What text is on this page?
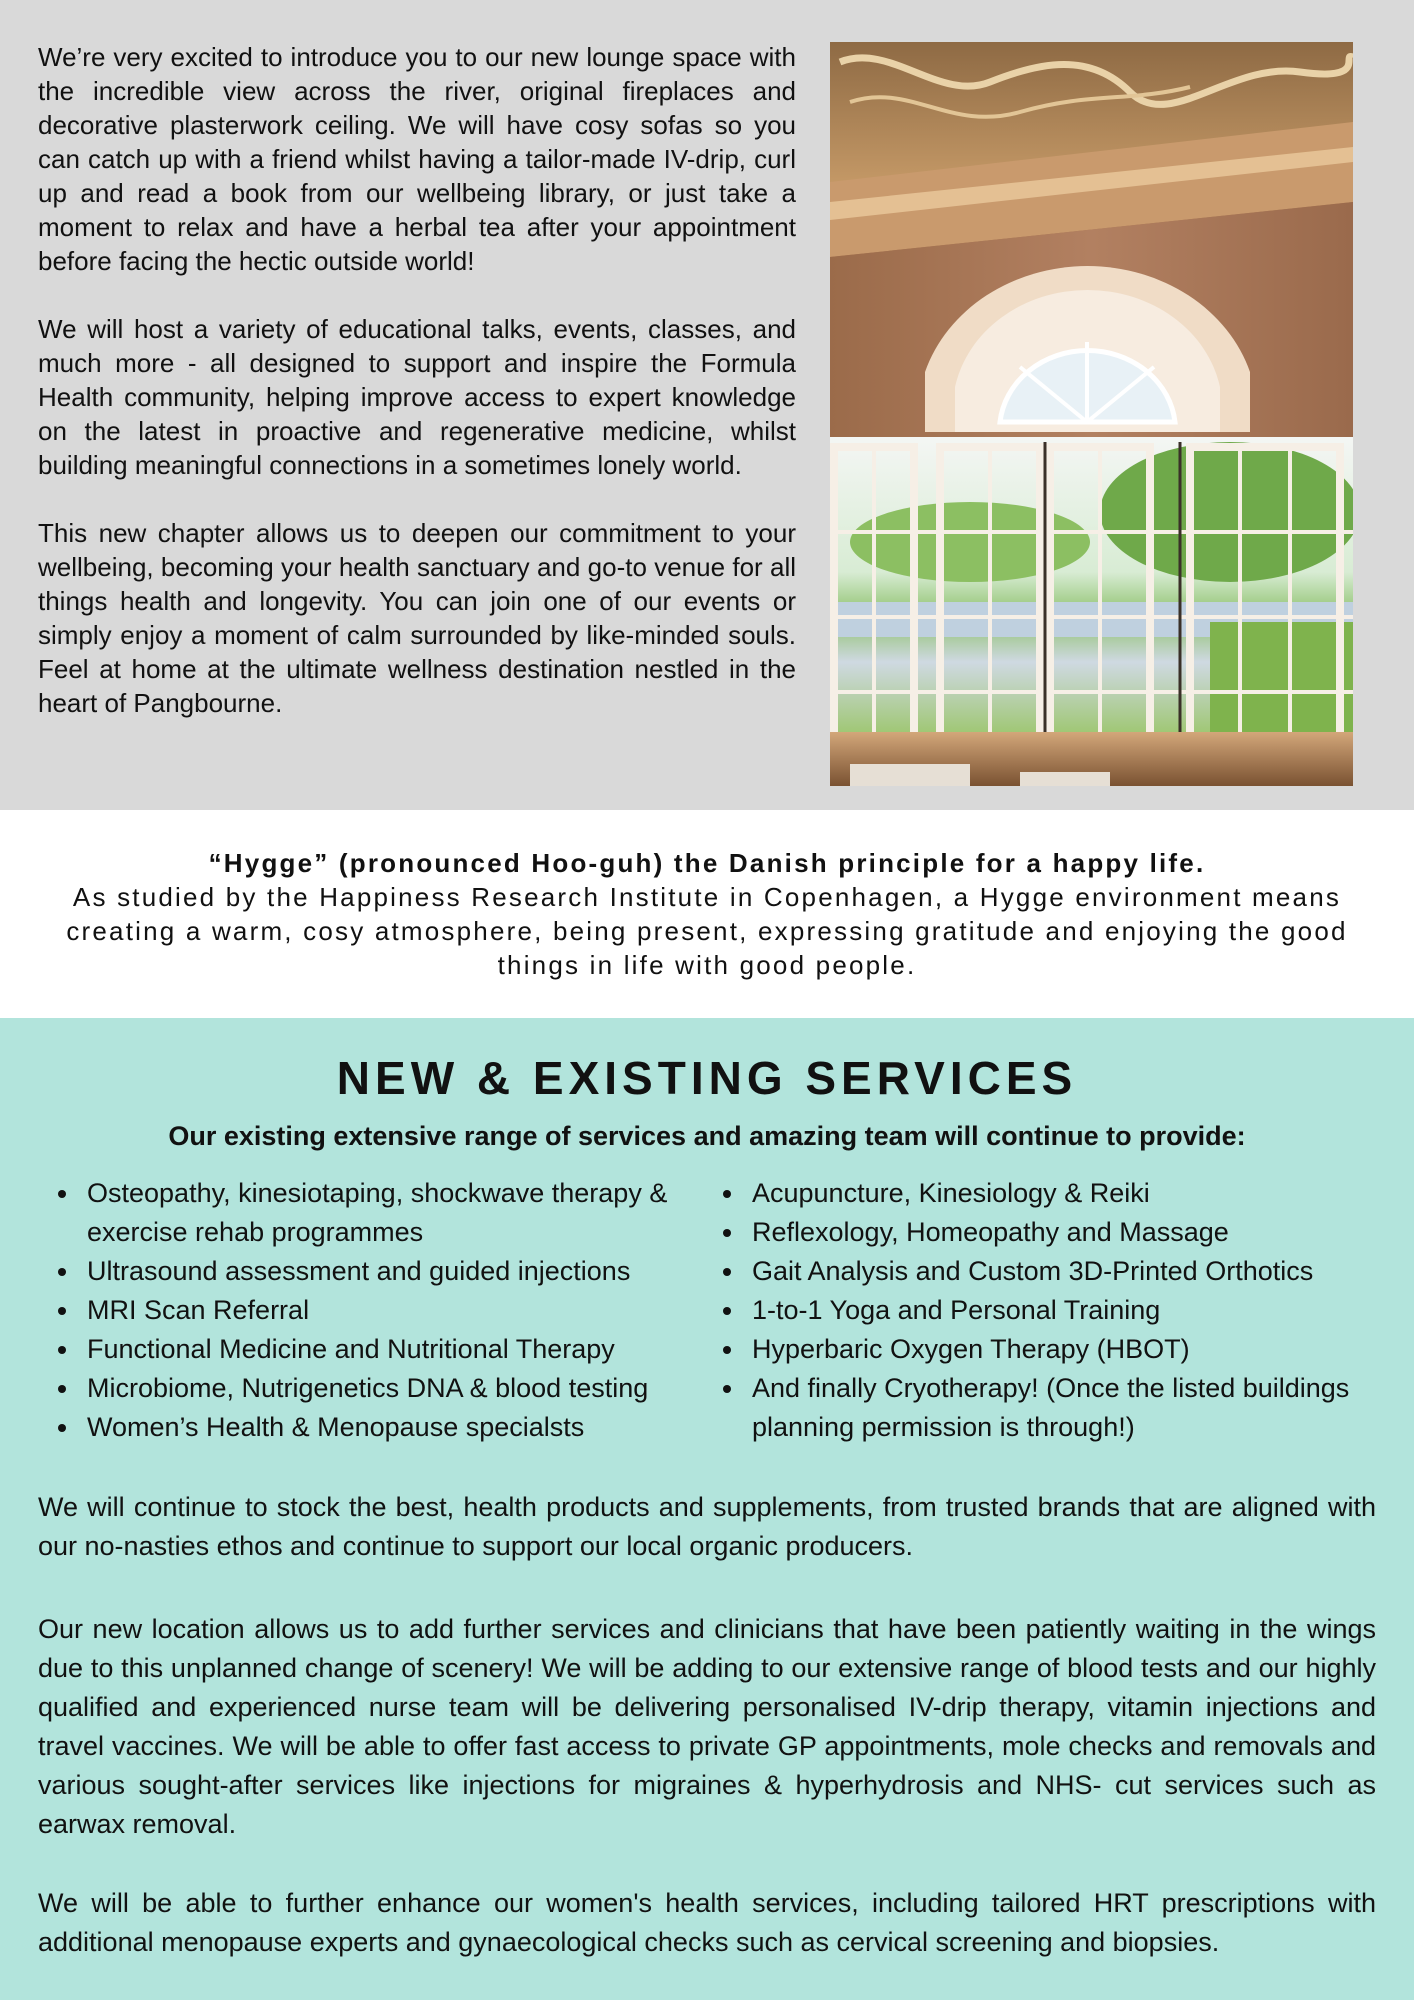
We’re very excited to introduce you to our new lounge space with the incredible view across the river, original fireplaces and decorative plasterwork ceiling. We will have cosy sofas so you can catch up with a friend whilst having a tailor-made IV-drip, curl up and read a book from our wellbeing library, or just take a moment to relax and have a herbal tea after your appointment before facing the hectic outside world!

We will host a variety of educational talks, events, classes, and much more - all designed to support and inspire the Formula Health community, helping improve access to expert knowledge on the latest in proactive and regenerative medicine, whilst building meaningful connections in a sometimes lonely world.

This new chapter allows us to deepen our commitment to your wellbeing, becoming your health sanctuary and go-to venue for all things health and longevity. You can join one of our events or simply enjoy a moment of calm surrounded by like-minded souls. Feel at home at the ultimate wellness destination nestled in the heart of Pangbourne.

“Hygge” (pronounced Hoo-guh) the Danish principle for a happy life.
As studied by the Happiness Research Institute in Copenhagen, a Hygge environment means creating a warm, cosy atmosphere, being present, expressing gratitude and enjoying the good things in life with good people.
NEW & EXISTING SERVICES
Our existing extensive range of services and amazing team will continue to provide:
Osteopathy, kinesiotaping, shockwave therapy & exercise rehab programmes
Ultrasound assessment and guided injections
MRI Scan Referral
Functional Medicine and Nutritional Therapy
Microbiome, Nutrigenetics DNA & blood testing
Women’s Health & Menopause specialsts
Acupuncture, Kinesiology & Reiki
Reflexology, Homeopathy and Massage
Gait Analysis and Custom 3D-Printed Orthotics
1-to-1 Yoga and Personal Training
Hyperbaric Oxygen Therapy (HBOT)
And finally Cryotherapy! (Once the listed buildings planning permission is through!)

We will continue to stock the best, health products and supplements, from trusted brands that are aligned with our no-nasties ethos and continue to support our local organic producers.

Our new location allows us to add further services and clinicians that have been patiently waiting in the wings due to this unplanned change of scenery! We will be adding to our extensive range of blood tests and our highly qualified and experienced nurse team will be delivering personalised IV-drip therapy, vitamin injections and travel vaccines. We will be able to offer fast access to private GP appointments, mole checks and removals and various sought-after services like injections for migraines & hyperhydrosis and NHS- cut services such as earwax removal.

We will be able to further enhance our women's health services, including tailored HRT prescriptions with additional menopause experts and gynaecological checks such as cervical screening and biopsies.
